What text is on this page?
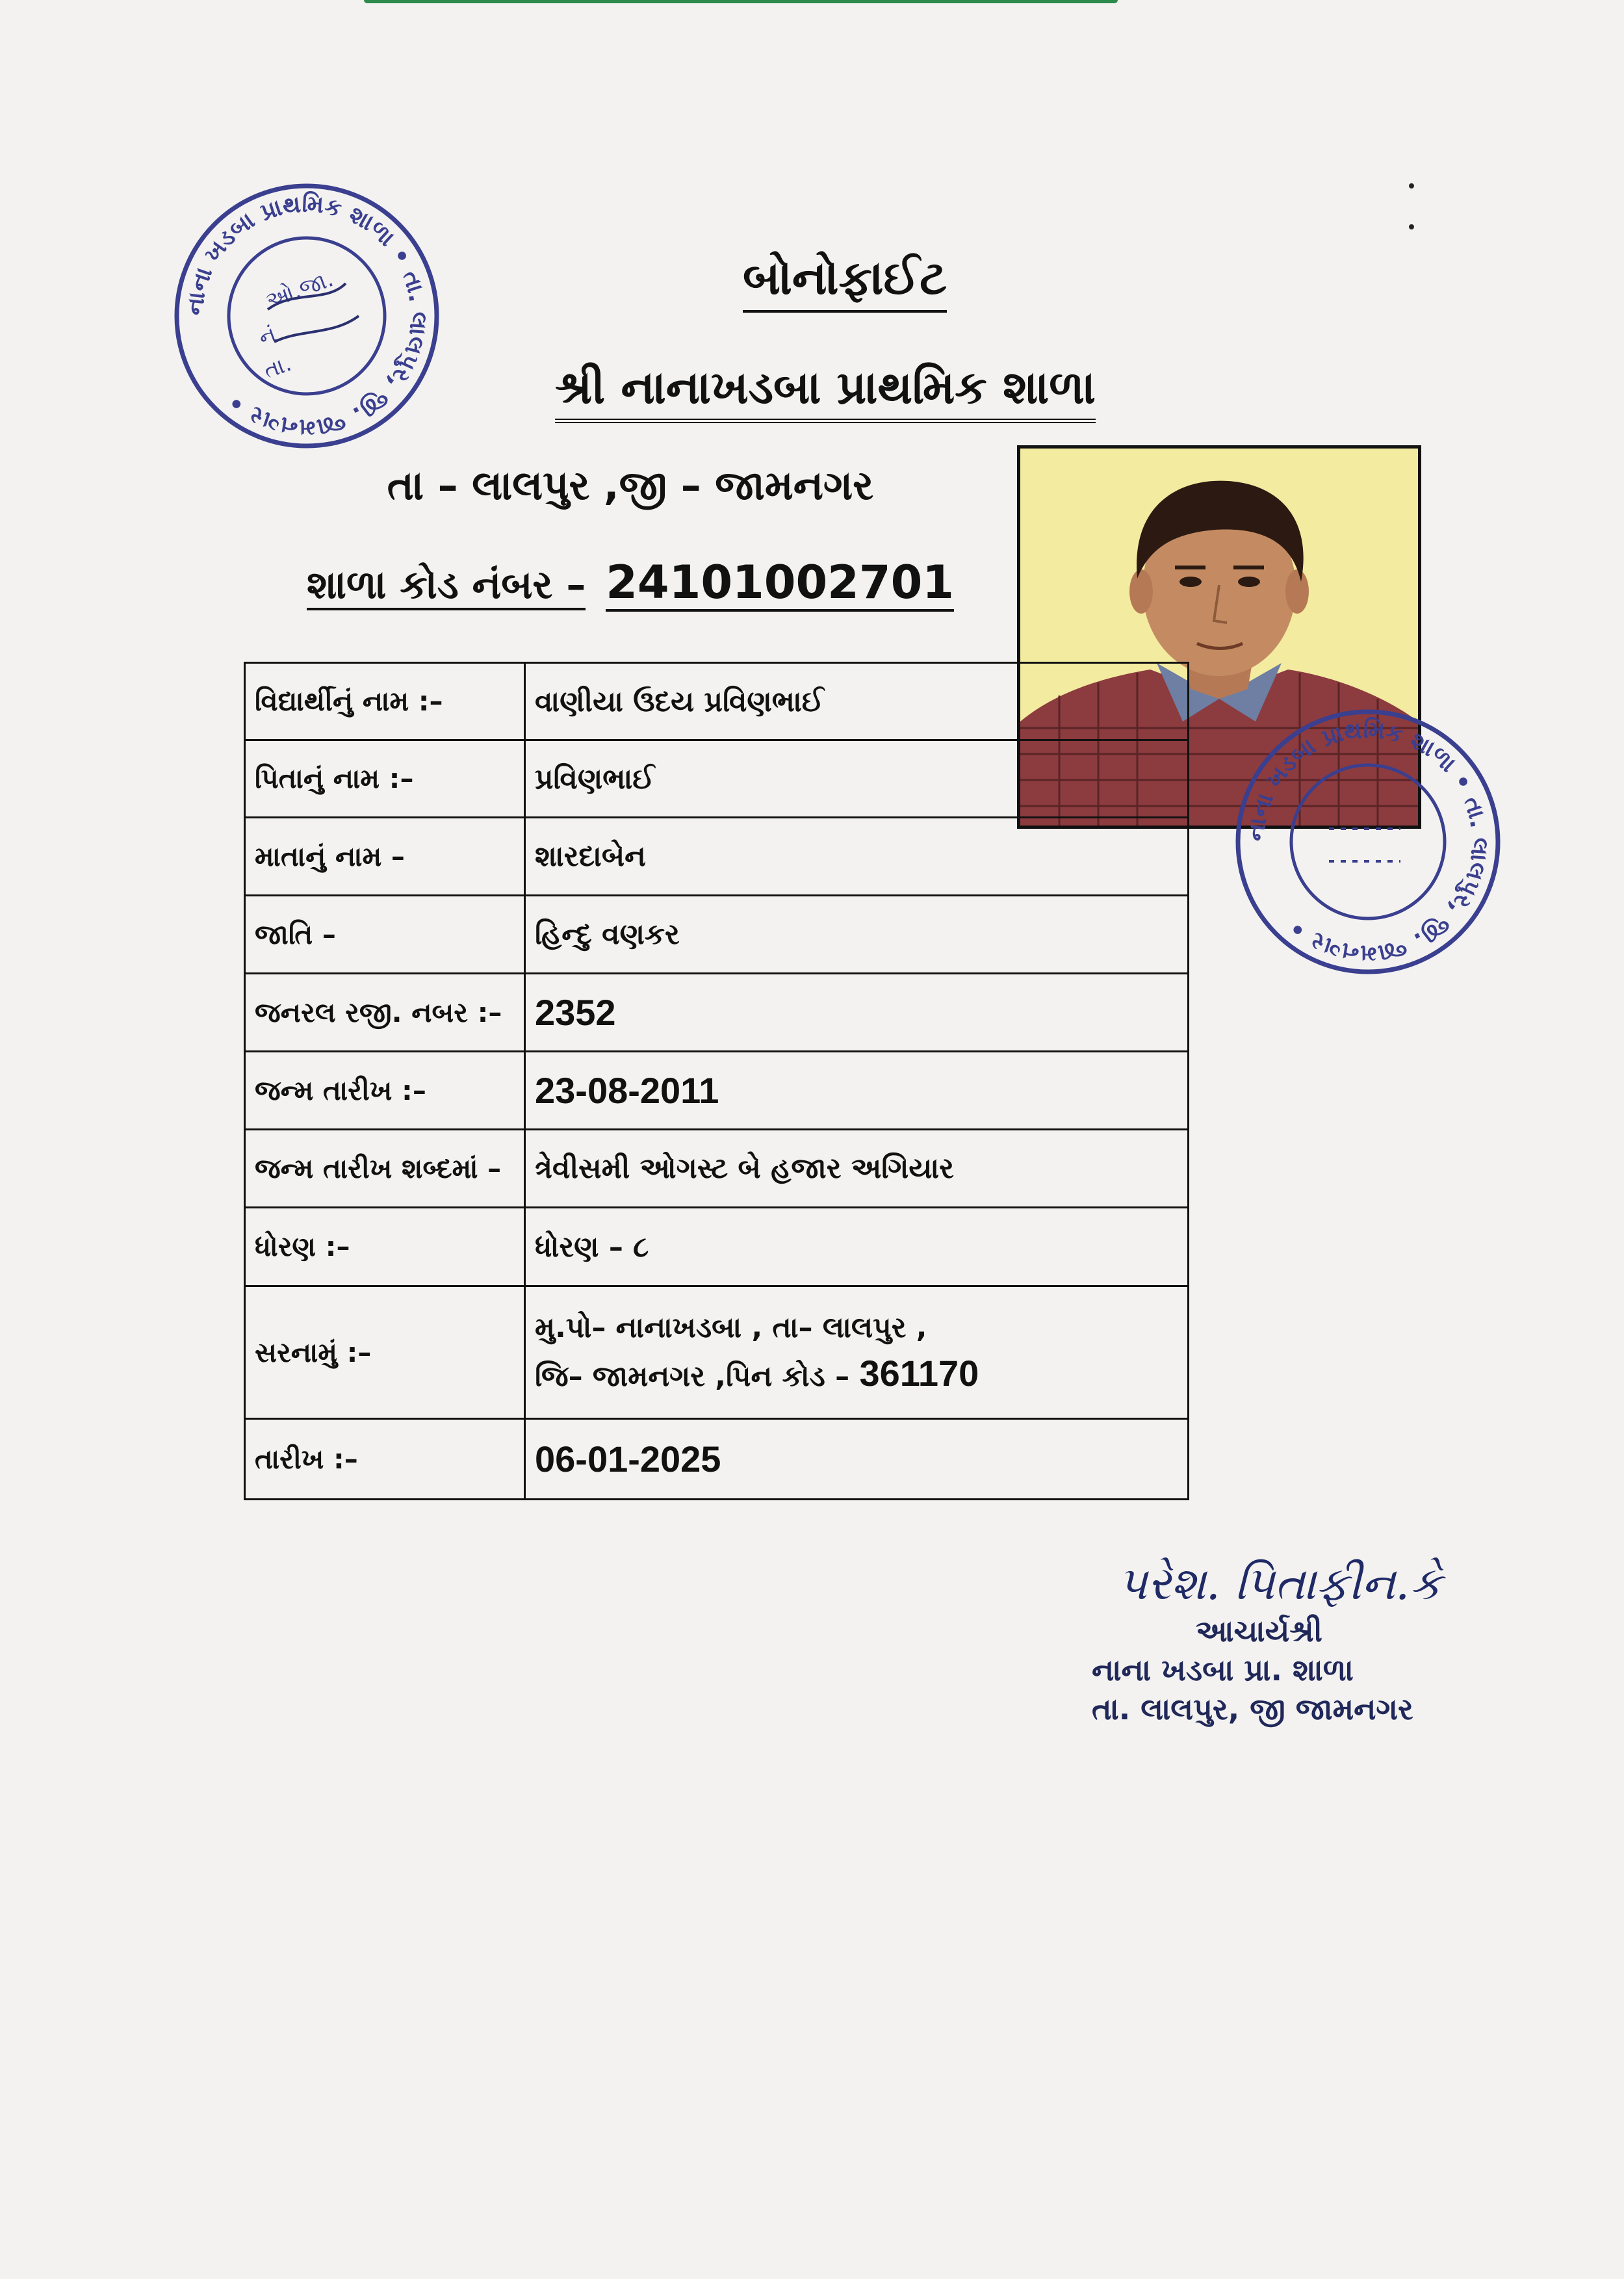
નાના ખડબા પ્રાથમિક શાળા • તા. લાલપુર, જી. જામનગર •
ઓ.જા.
નં
તા.
બોનોફાઈટ
શ્રી નાનાખડબા પ્રાથમિક શાળા
તા – લાલપુર ,જી – જામનગર
શાળા કોડ નંબર – 24101002701
નાના ખડબા પ્રાથમિક શાળા • તા. લાલપુર, જી. જામનગર •
વિદ્યાર્થીનું નામ :–	વાણીયા ઉદય પ્રવિણભાઈ
પિતાનું નામ :–	પ્રવિણભાઈ
માતાનું નામ –	શારદાબેન
જાતિ –	હિન્દુ વણકર
જનરલ રજી. નબર :–	2352
જન્મ તારીખ :–	23-08-2011
જન્મ તારીખ શબ્દમાં –	ત્રેવીસમી ઓગસ્ટ બે હજાર અગિયાર
ધોરણ :–	ધોરણ – ૮
સરનામું :–	મુ.પો– નાનાખડબા , તા– લાલપુર ,
જિ– જામનગર ,પિન કોડ – 361170

તારીખ :–	06-01-2025
પરેશ. પિતાફીન.કે
આચાર્યશ્રી
નાના ખડબા પ્રા. શાળા
તા. લાલપુર, જી જામનગર
